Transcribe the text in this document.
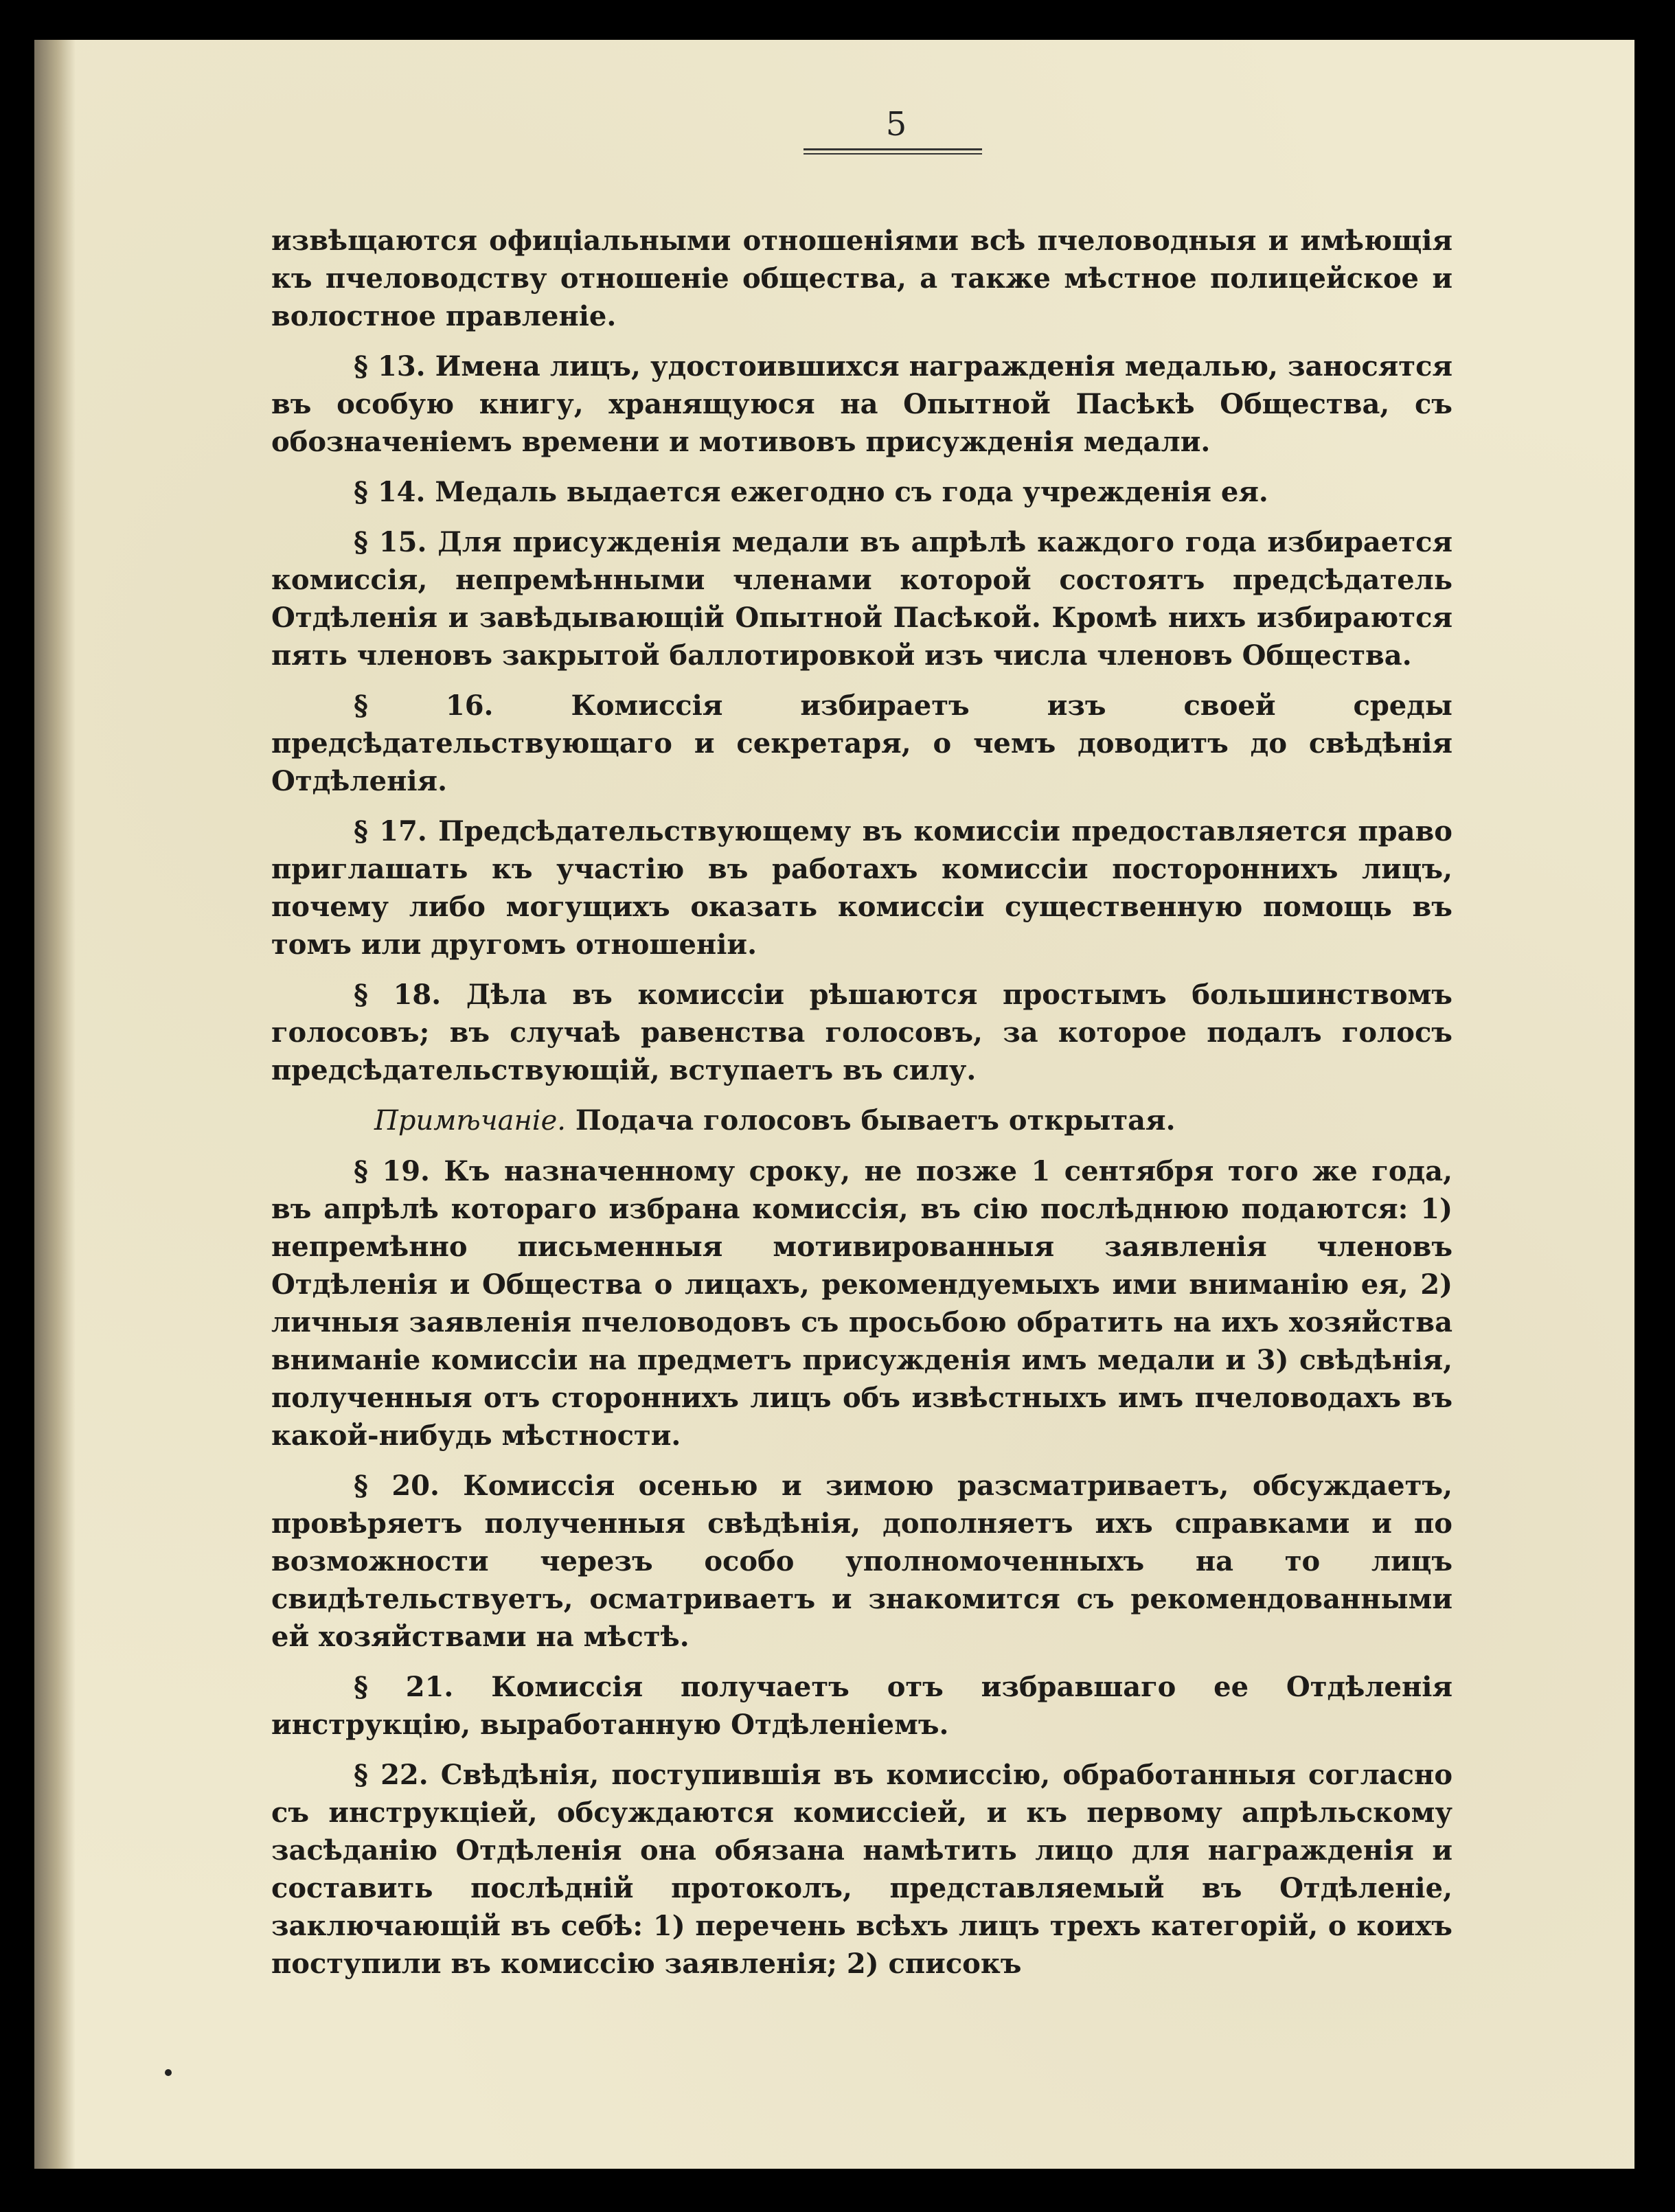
5

извѣщаются офиціальными отношеніями всѣ пчеловодныя и имѣющія къ пчеловодству отношеніе общества, а также мѣстное полицейское и волостное правленіе.

§ 13. Имена лицъ, удостоившихся награжденія медалью, заносятся въ особую книгу, хранящуюся на Опытной Пасѣкѣ Общества, съ обозначеніемъ времени и мотивовъ присужденія медали.

§ 14. Медаль выдается ежегодно съ года учрежденія ея.

§ 15. Для присужденія медали въ апрѣлѣ каждого года избирается комиссія, непремѣнными членами которой состоятъ предсѣдатель Отдѣленія и завѣдывающій Опытной Пасѣкой. Кромѣ нихъ избираются пять членовъ закрытой баллотировкой изъ числа членовъ Общества.

§ 16. Комиссія избираетъ изъ своей среды предсѣдательствующаго и секретаря, о чемъ доводитъ до свѣдѣнія Отдѣленія.

§ 17. Предсѣдательствующему въ комиссіи предоставляется право приглашать къ участію въ работахъ комиссіи постороннихъ лицъ, почему либо могущихъ оказать комиссіи существенную помощь въ томъ или другомъ отношеніи.

§ 18. Дѣла въ комиссіи рѣшаются простымъ большинствомъ голосовъ; въ случаѣ равенства голосовъ, за которое подалъ голосъ предсѣдательствующій, вступаетъ въ силу.

Примѣчаніе. Подача голосовъ бываетъ открытая.

§ 19. Къ назначенному сроку, не позже 1 сентября того же года, въ апрѣлѣ котораго избрана комиссія, въ сію послѣднюю подаются: 1) непремѣнно письменныя мотивированныя заявленія членовъ Отдѣленія и Общества о лицахъ, рекомендуемыхъ ими вниманію ея, 2) личныя заявленія пчеловодовъ съ просьбою обратить на ихъ хозяйства вниманіе комиссіи на предметъ присужденія имъ медали и 3) свѣдѣнія, полученныя отъ стороннихъ лицъ объ извѣстныхъ имъ пчеловодахъ въ какой-нибудь мѣстности.

§ 20. Комиссія осенью и зимою разсматриваетъ, обсуждаетъ, провѣряетъ полученныя свѣдѣнія, дополняетъ ихъ справками и по возможности черезъ особо уполномоченныхъ на то лицъ свидѣтельствуетъ, осматриваетъ и знакомится съ рекомендованными ей хозяйствами на мѣстѣ.

§ 21. Комиссія получаетъ отъ избравшаго ее Отдѣленія инструкцію, выработанную Отдѣленіемъ.

§ 22. Свѣдѣнія, поступившія въ комиссію, обработанныя согласно съ инструкціей, обсуждаются комиссіей, и къ первому апрѣльскому засѣданію Отдѣленія она обязана намѣтить лицо для награжденія и составить послѣдній протоколъ, представляемый въ Отдѣленіе, заключающій въ себѣ: 1) перечень всѣхъ лицъ трехъ категорій, о коихъ поступили въ комиссію заявленія; 2) списокъ
